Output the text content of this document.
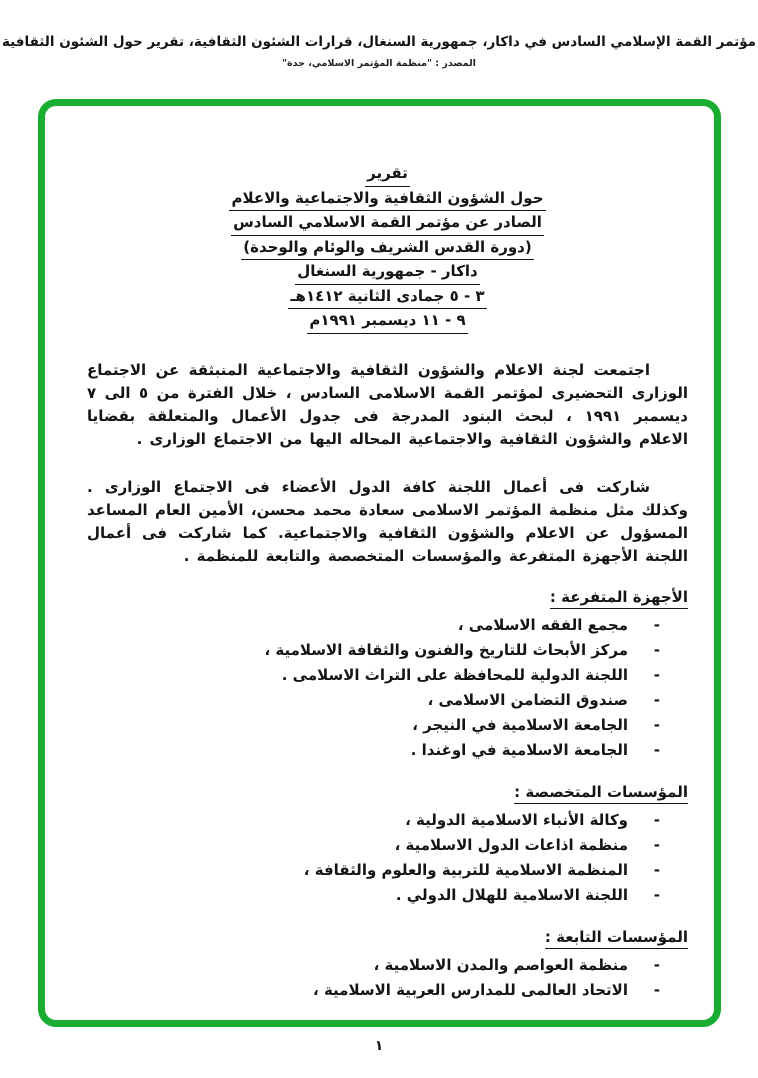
مؤتمر القمة الإسلامي السادس في داكار، جمهورية السنغال، قرارات الشئون الثقافية، تقرير حول الشئون الثقافية
المصدر : "منظمة المؤتمر الاسلامي، جدة"
تقرير
حول الشؤون الثقافية والاجتماعية والاعلام
الصادر عن مؤتمر القمة الاسلامي السادس
(دورة القدس الشريف والوئام والوحدة)
داكار - جمهورية السنغال
٣ - ٥ جمادى الثانية ١٤١٢هـ
٩ - ١١ ديسمبر ١٩٩١م

اجتمعت لجنة الاعلام والشؤون الثقافية والاجتماعية المنبثقة عن الاجتماع الوزارى التحضيرى لمؤتمر القمة الاسلامى السادس ، خلال الفترة من ٥ الى ٧ ديسمبر ١٩٩١ ، لبحث البنود المدرجة فى جدول الأعمال والمتعلقة بقضايا الاعلام والشؤون الثقافية والاجتماعية المحاله اليها من الاجتماع الوزارى .

شاركت فى أعمال اللجنة كافة الدول الأعضاء فى الاجتماع الوزارى . وكذلك مثل منظمة المؤتمر الاسلامى سعادة محمد محسن، الأمين العام المساعد المسؤول عن الاعلام والشؤون الثقافية والاجتماعية. كما شاركت فى أعمال اللجنة الأجهزة المتفرعة والمؤسسات المتخصصة والتابعة للمنظمة .

الأجهزة المتفرعة :
-
مجمع الفقه الاسلامى ،
-
مركز الأبحاث للتاريخ والفنون والثقافة الاسلامية ،
-
اللجنة الدولية للمحافظة على التراث الاسلامى .
-
صندوق التضامن الاسلامى ،
-
الجامعة الاسلامية في النيجر ،
-
الجامعة الاسلامية في اوغندا .
المؤسسات المتخصصة :
-
وكالة الأنباء الاسلامية الدولية ،
-
منظمة اذاعات الدول الاسلامية ،
-
المنظمة الاسلامية للتربية والعلوم والثقافة ،
-
اللجنة الاسلامية للهلال الدولي .
المؤسسات التابعة :
-
منظمة العواصم والمدن الاسلامية ،
-
الاتحاد العالمى للمدارس العربية الاسلامية ،
١
